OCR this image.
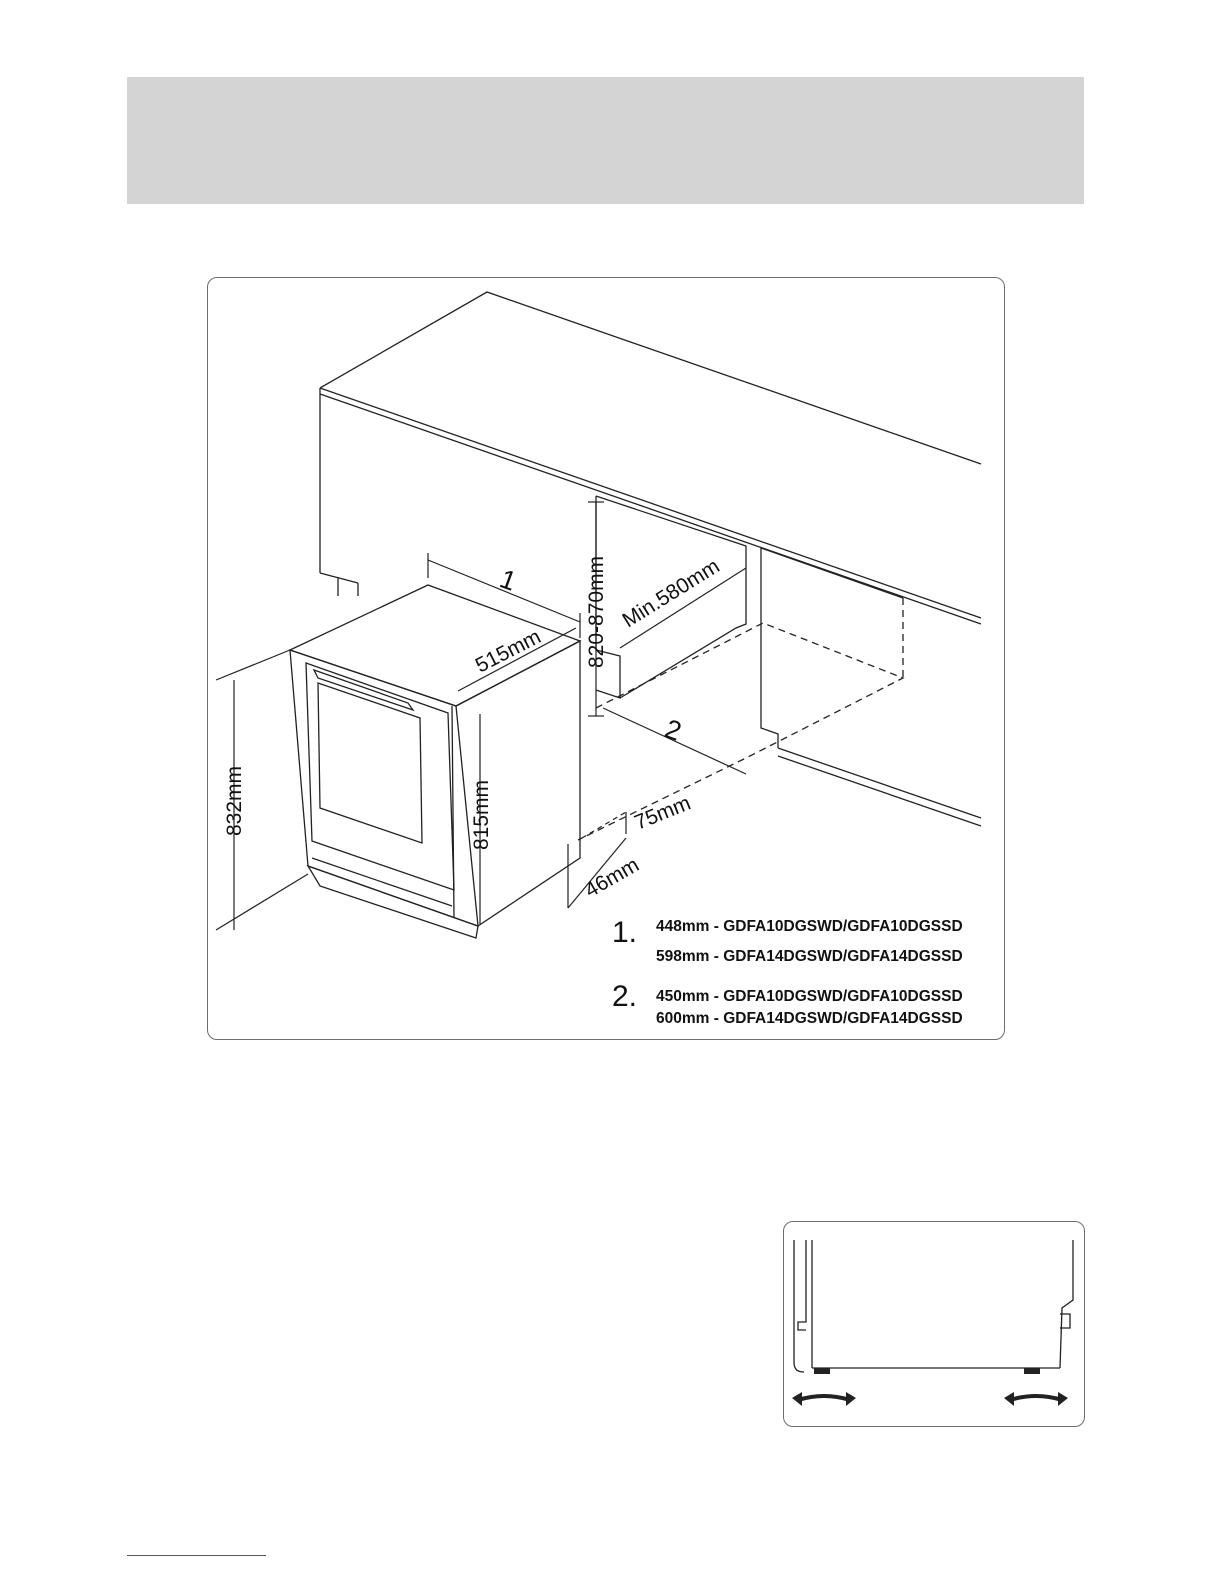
1
2
515mm
Min.580mm
820-870mm
832mm	815mm	75mm
46mm
1. 448mm - GDFA10DGSWD/GDFA10DGSSD
598mm - GDFA14DGSWD/GDFA14DGSSD
2. 450mm - GDFA10DGSWD/GDFA10DGSSD
600mm - GDFA14DGSWD/GDFA14DGSSD
